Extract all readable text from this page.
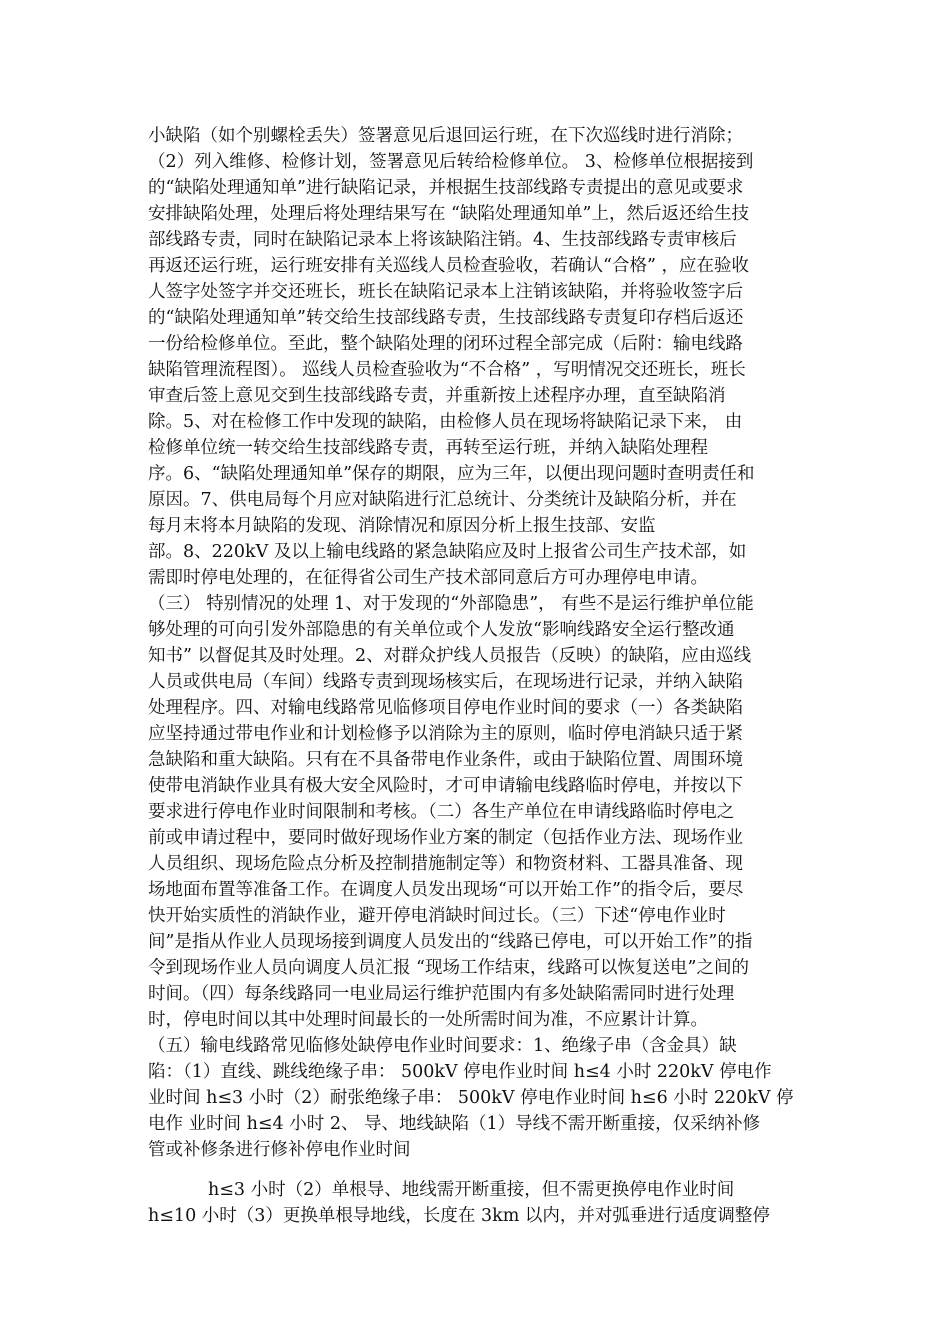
小缺陷（如个别螺栓丢失）签署意见后退回运行班，在下次巡线时进行消除；
（2）列入维修、检修计划，签署意见后转给检修单位。 3、检修单位根据接到
的“缺陷处理通知单”进行缺陷记录，并根据生技部线路专责提出的意见或要求
安排缺陷处理，处理后将处理结果写在 “缺陷处理通知单”上，然后返还给生技
部线路专责，同时在缺陷记录本上将该缺陷注销。4、生技部线路专责审核后
再返还运行班，运行班安排有关巡线人员检查验收，若确认“合格” ，应在验收
人签字处签字并交还班长，班长在缺陷记录本上注销该缺陷，并将验收签字后
的“缺陷处理通知单”转交给生技部线路专责，生技部线路专责复印存档后返还
一份给检修单位。至此，整个缺陷处理的闭环过程全部完成（后附：输电线路
缺陷管理流程图）。 巡线人员检查验收为“不合格” ，写明情况交还班长，班长
审查后签上意见交到生技部线路专责，并重新按上述程序办理，直至缺陷消
除。5、对在检修工作中发现的缺陷，由检修人员在现场将缺陷记录下来， 由
检修单位统一转交给生技部线路专责，再转至运行班，并纳入缺陷处理程
序。6、“缺陷处理通知单”保存的期限，应为三年，以便出现问题时查明责任和
原因。7、供电局每个月应对缺陷进行汇总统计、分类统计及缺陷分析，并在
每月末将本月缺陷的发现、消除情况和原因分析上报生技部、安监
部。8、220kV 及以上输电线路的紧急缺陷应及时上报省公司生产技术部，如
需即时停电处理的，在征得省公司生产技术部同意后方可办理停电申请。
（三） 特别情况的处理 1、对于发现的“外部隐患”， 有些不是运行维护单位能
够处理的可向引发外部隐患的有关单位或个人发放“影响线路安全运行整改通
知书” 以督促其及时处理。2、对群众护线人员报告（反映）的缺陷，应由巡线
人员或供电局（车间）线路专责到现场核实后，在现场进行记录，并纳入缺陷
处理程序。四、对输电线路常见临修项目停电作业时间的要求（一）各类缺陷
应坚持通过带电作业和计划检修予以消除为主的原则，临时停电消缺只适于紧
急缺陷和重大缺陷。只有在不具备带电作业条件，或由于缺陷位置、周围环境
使带电消缺作业具有极大安全风险时，才可申请输电线路临时停电，并按以下
要求进行停电作业时间限制和考核。（二）各生产单位在申请线路临时停电之
前或申请过程中，要同时做好现场作业方案的制定（包括作业方法、现场作业
人员组织、现场危险点分析及控制措施制定等）和物资材料、工器具准备、现
场地面布置等准备工作。在调度人员发出现场“可以开始工作”的指令后，要尽
快开始实质性的消缺作业，避开停电消缺时间过长。（三）下述“停电作业时
间”是指从作业人员现场接到调度人员发出的“线路已停电，可以开始工作”的指
令到现场作业人员向调度人员汇报 “现场工作结束，线路可以恢复送电”之间的
时间。（四）每条线路同一电业局运行维护范围内有多处缺陷需同时进行处理
时，停电时间以其中处理时间最长的一处所需时间为准，不应累计计算。
（五）输电线路常见临修处缺停电作业时间要求：1、绝缘子串（含金具）缺
陷：（1）直线、跳线绝缘子串： 500kV 停电作业时间 h≤4 小时 220kV 停电作
业时间 h≤3 小时（2）耐张绝缘子串： 500kV 停电作业时间 h≤6 小时 220kV 停
电作 业时间 h≤4 小时 2、 导、地线缺陷（1）导线不需开断重接，仅采纳补修
管或补修条进行修补停电作业时间
h≤3 小时（2）单根导、地线需开断重接，但不需更换停电作业时间
h≤10 小时（3）更换单根导地线，长度在 3km 以内，并对弧垂进行适度调整停
